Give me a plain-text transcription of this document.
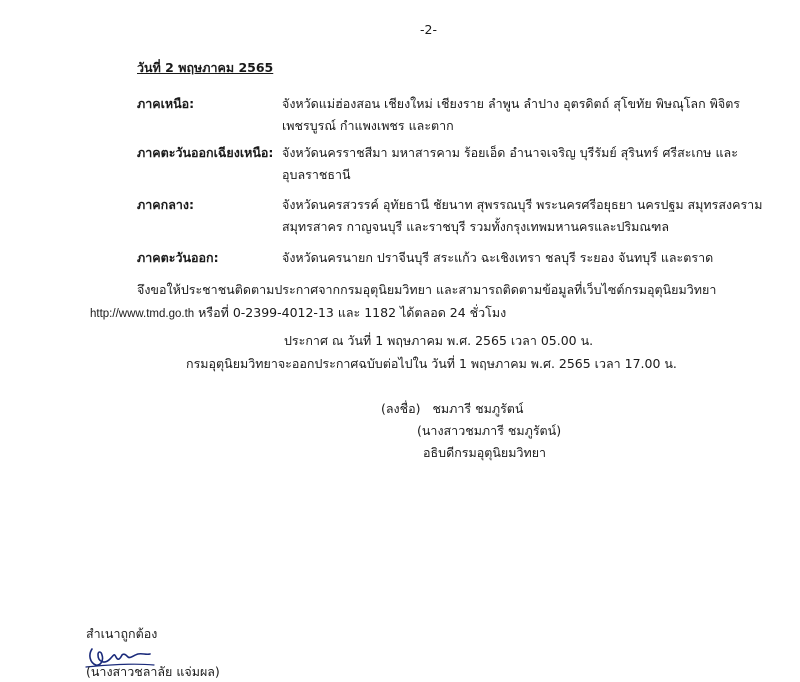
-2-
วันที่ 2 พฤษภาคม 2565
ภาคเหนือ:	จังหวัดแม่ฮ่องสอน เชียงใหม่ เชียงราย ลำพูน ลำปาง อุตรดิตถ์ สุโขทัย พิษณุโลก พิจิตร
เพชรบูรณ์ กำแพงเพชร และตาก
ภาคตะวันออกเฉียงเหนือ: จังหวัดนครราชสีมา มหาสารคาม ร้อยเอ็ด อำนาจเจริญ บุรีรัมย์ สุรินทร์ ศรีสะเกษ และ
อุบลราชธานี
ภาคกลาง:	จังหวัดนครสวรรค์ อุทัยธานี ชัยนาท สุพรรณบุรี พระนครศรีอยุธยา นครปฐม สมุทรสงคราม
สมุทรสาคร กาญจนบุรี และราชบุรี รวมทั้งกรุงเทพมหานครและปริมณฑล
ภาคตะวันออก:	จังหวัดนครนายก ปราจีนบุรี สระแก้ว ฉะเชิงเทรา ชลบุรี ระยอง จันทบุรี และตราด
จึงขอให้ประชาชนติดตามประกาศจากกรมอุตุนิยมวิทยา และสามารถติดตามข้อมูลที่เว็บไซต์กรมอุตุนิยมวิทยา
http://www.tmd.go.th หรือที่ 0-2399-4012-13 และ 1182 ได้ตลอด 24 ชั่วโมง
ประกาศ ณ วันที่ 1 พฤษภาคม พ.ศ. 2565 เวลา 05.00 น.
กรมอุตุนิยมวิทยาจะออกประกาศฉบับต่อไปใน วันที่ 1 พฤษภาคม พ.ศ. 2565 เวลา 17.00 น.
(ลงชื่อ) ชมภารี ชมภูรัตน์
(นางสาวชมภารี ชมภูรัตน์)
อธิบดีกรมอุตุนิยมวิทยา
สำเนาถูกต้อง
(นางสาวชลาลัย แจ่มผล)
